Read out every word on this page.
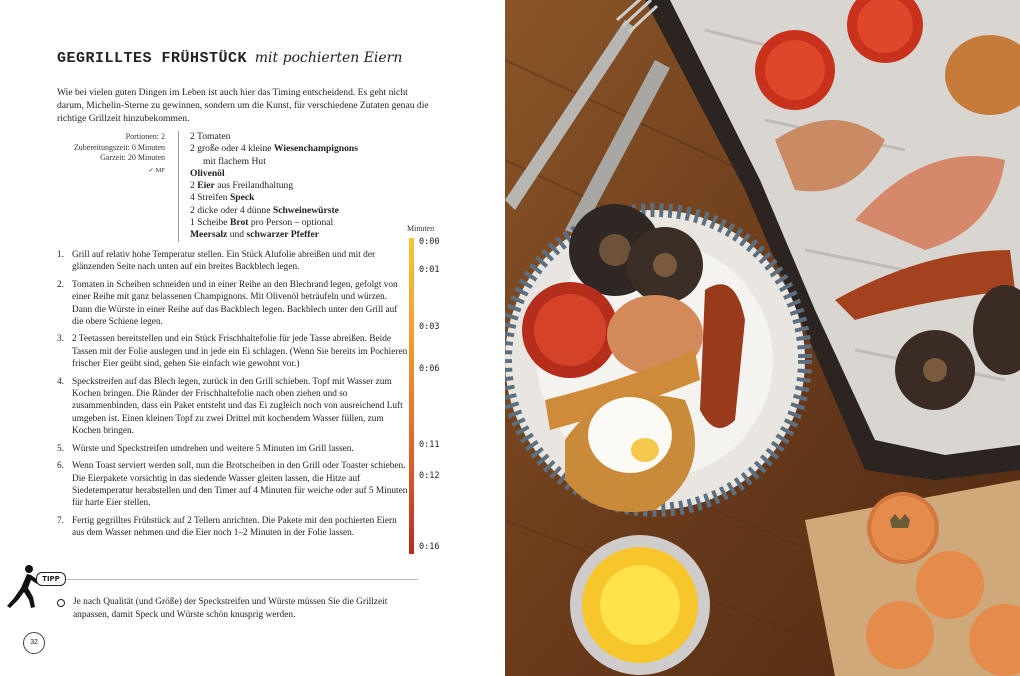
GEGRILLTES FRÜHSTÜCK mit pochierten Eiern
Wie bei vielen guten Dingen im Leben ist auch hier das Timing entscheidend. Es geht nicht darum, Michelin-Sterne zu gewinnen, sondern um die Kunst, für verschiedene Zutaten genau die richtige Grillzeit hinzubekommen.
Portionen: 2
Zubereitungszeit: 0 Minuten
Garzeit: 20 Minuten
✓ MF
2 Tomaten
2 große oder 4 kleine Wiesenchampignons
mit flachem Hut
Olivenöl
2 Eier aus Freilandhaltung
4 Streifen Speck
2 dicke oder 4 dünne Schweinewürste
1 Scheibe Brot pro Person – optional
Meersalz und schwarzer Pfeffer
Minuten
0:00
0:01
0:03
0:06
0:11
0:12
0:16
1. Grill auf relativ hohe Temperatur stellen. Ein Stück Alufolie abreißen und mit der glänzenden Seite nach unten auf ein breites Backblech legen.
2. Tomaten in Scheiben schneiden und in einer Reihe an den Blechrand legen, gefolgt von einer Reihe mit ganz belassenen Champignons. Mit Olivenöl beträufeln und würzen. Dann die Würste in einer Reihe auf das Backblech legen. Backblech unter den Grill auf die obere Schiene legen.
3. 2 Teetassen bereitstellen und ein Stück Frischhaltefolie für jede Tasse abreißen. Beide Tassen mit der Folie auslegen und in jede ein Ei schlagen. (Wenn Sie bereits im Pochieren frischer Eier geübt sind, gehen Sie einfach wie gewohnt vor.)
4. Speckstreifen auf das Blech legen, zurück in den Grill schieben. Topf mit Wasser zum Kochen bringen. Die Ränder der Frischhaltefolie nach oben ziehen und so zusammenbinden, dass ein Paket entsteht und das Ei zugleich noch von ausreichend Luft umgeben ist. Einen kleinen Topf zu zwei Drittel mit kochendem Wasser füllen, zum Kochen bringen.
5. Würste und Speckstreifen umdrehen und weitere 5 Minuten im Grill lassen.
6. Wenn Toast serviert werden soll, nun die Brotscheiben in den Grill oder Toaster schieben. Die Eierpakete vorsichtig in das siedende Wasser gleiten lassen, die Hitze auf Siedetemperatur herabstellen und den Timer auf 4 Minuten für weiche oder auf 5 Minuten für harte Eier stellen.
7. Fertig gegrilltes Frühstück auf 2 Tellern anrichten. Die Pakete mit den pochierten Eiern aus dem Wasser nehmen und die Eier noch 1–2 Minuten in der Folie lassen.
TIPP
Je nach Qualität (und Größe) der Speckstreifen und Würste müssen Sie die Grillzeit anpassen, damit Speck und Würste schön knusprig werden.
32
